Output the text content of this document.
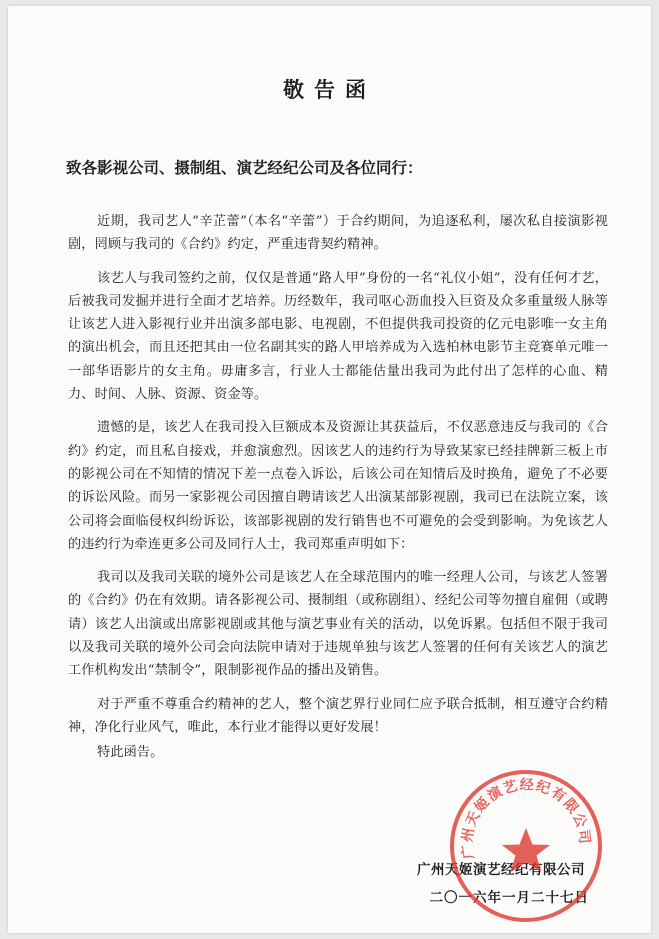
敬告函
致各影视公司、摄制组、演艺经纪公司及各位同行：

近期，我司艺人“辛芷蕾”（本名“辛蕾”）于合约期间，为追逐私利，屡次私自接演影视剧，罔顾与我司的《合约》约定，严重违背契约精神。

该艺人与我司签约之前，仅仅是普通“路人甲”身份的一名“礼仪小姐”，没有任何才艺，后被我司发掘并进行全面才艺培养。历经数年，我司呕心沥血投入巨资及众多重量级人脉等让该艺人进入影视行业并出演多部电影、电视剧，不但提供我司投资的亿元电影唯一女主角的演出机会，而且还把其由一位名副其实的路人甲培养成为入选柏林电影节主竞赛单元唯一一部华语影片的女主角。毋庸多言，行业人士都能估量出我司为此付出了怎样的心血、精力、时间、人脉、资源、资金等。

遗憾的是，该艺人在我司投入巨额成本及资源让其获益后，不仅恶意违反与我司的《合约》约定，而且私自接戏，并愈演愈烈。因该艺人的违约行为导致某家已经挂牌新三板上市的影视公司在不知情的情况下差一点卷入诉讼，后该公司在知情后及时换角，避免了不必要的诉讼风险。而另一家影视公司因擅自聘请该艺人出演某部影视剧，我司已在法院立案，该公司将会面临侵权纠纷诉讼，该部影视剧的发行销售也不可避免的会受到影响。为免该艺人的违约行为牵连更多公司及同行人士，我司郑重声明如下：

我司以及我司关联的境外公司是该艺人在全球范围内的唯一经理人公司，与该艺人签署的《合约》仍在有效期。请各影视公司、摄制组（或称剧组）、经纪公司等勿擅自雇佣（或聘请）该艺人出演或出席影视剧或其他与演艺事业有关的活动，以免诉累。包括但不限于我司以及我司关联的境外公司会向法院申请对于违规单独与该艺人签署的任何有关该艺人的演艺工作机构发出“禁制令”，限制影视作品的播出及销售。

对于严重不尊重合约精神的艺人，整个演艺界行业同仁应予联合抵制，相互遵守合约精神，净化行业风气，唯此，本行业才能得以更好发展！

特此函告。

广州天姬演艺经纪有限公司
二〇一六年一月二十七日
广州天姬演艺经纪有限公司
